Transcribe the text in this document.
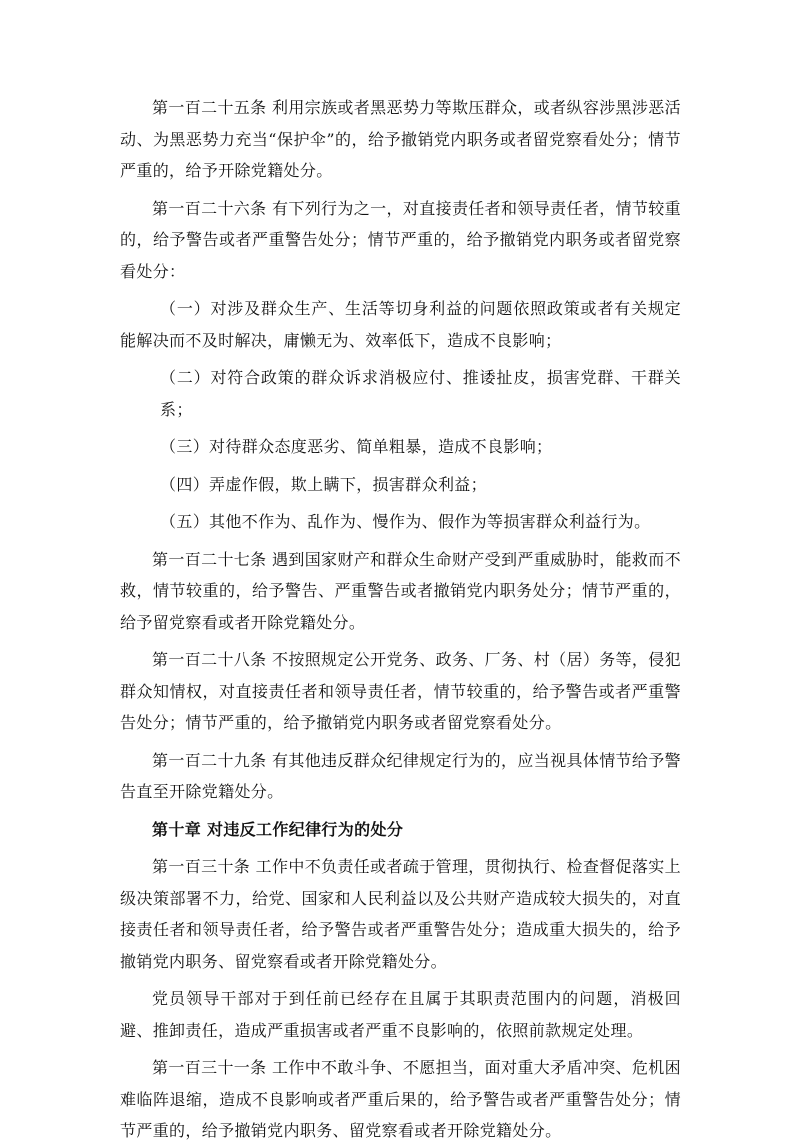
第一百二十五条 利用宗族或者黑恶势力等欺压群众，或者纵容涉黑涉恶活动、为黑恶势力充当“保护伞”的，给予撤销党内职务或者留党察看处分；情节严重的，给予开除党籍处分。

第一百二十六条 有下列行为之一，对直接责任者和领导责任者，情节较重的，给予警告或者严重警告处分；情节严重的，给予撤销党内职务或者留党察看处分：

（一）对涉及群众生产、生活等切身利益的问题依照政策或者有关规定能解决而不及时解决，庸懒无为、效率低下，造成不良影响；

（二）对符合政策的群众诉求消极应付、推诿扯皮，损害党群、干群关系；

（三）对待群众态度恶劣、简单粗暴，造成不良影响；

（四）弄虚作假，欺上瞒下，损害群众利益；

（五）其他不作为、乱作为、慢作为、假作为等损害群众利益行为。

第一百二十七条 遇到国家财产和群众生命财产受到严重威胁时，能救而不救，情节较重的，给予警告、严重警告或者撤销党内职务处分；情节严重的，给予留党察看或者开除党籍处分。

第一百二十八条 不按照规定公开党务、政务、厂务、村（居）务等，侵犯群众知情权，对直接责任者和领导责任者，情节较重的，给予警告或者严重警告处分；情节严重的，给予撤销党内职务或者留党察看处分。

第一百二十九条 有其他违反群众纪律规定行为的，应当视具体情节给予警告直至开除党籍处分。

第十章 对违反工作纪律行为的处分

第一百三十条 工作中不负责任或者疏于管理，贯彻执行、检查督促落实上级决策部署不力，给党、国家和人民利益以及公共财产造成较大损失的，对直接责任者和领导责任者，给予警告或者严重警告处分；造成重大损失的，给予撤销党内职务、留党察看或者开除党籍处分。

党员领导干部对于到任前已经存在且属于其职责范围内的问题，消极回避、推卸责任，造成严重损害或者严重不良影响的，依照前款规定处理。

第一百三十一条 工作中不敢斗争、不愿担当，面对重大矛盾冲突、危机困难临阵退缩，造成不良影响或者严重后果的，给予警告或者严重警告处分；情节严重的，给予撤销党内职务、留党察看或者开除党籍处分。
